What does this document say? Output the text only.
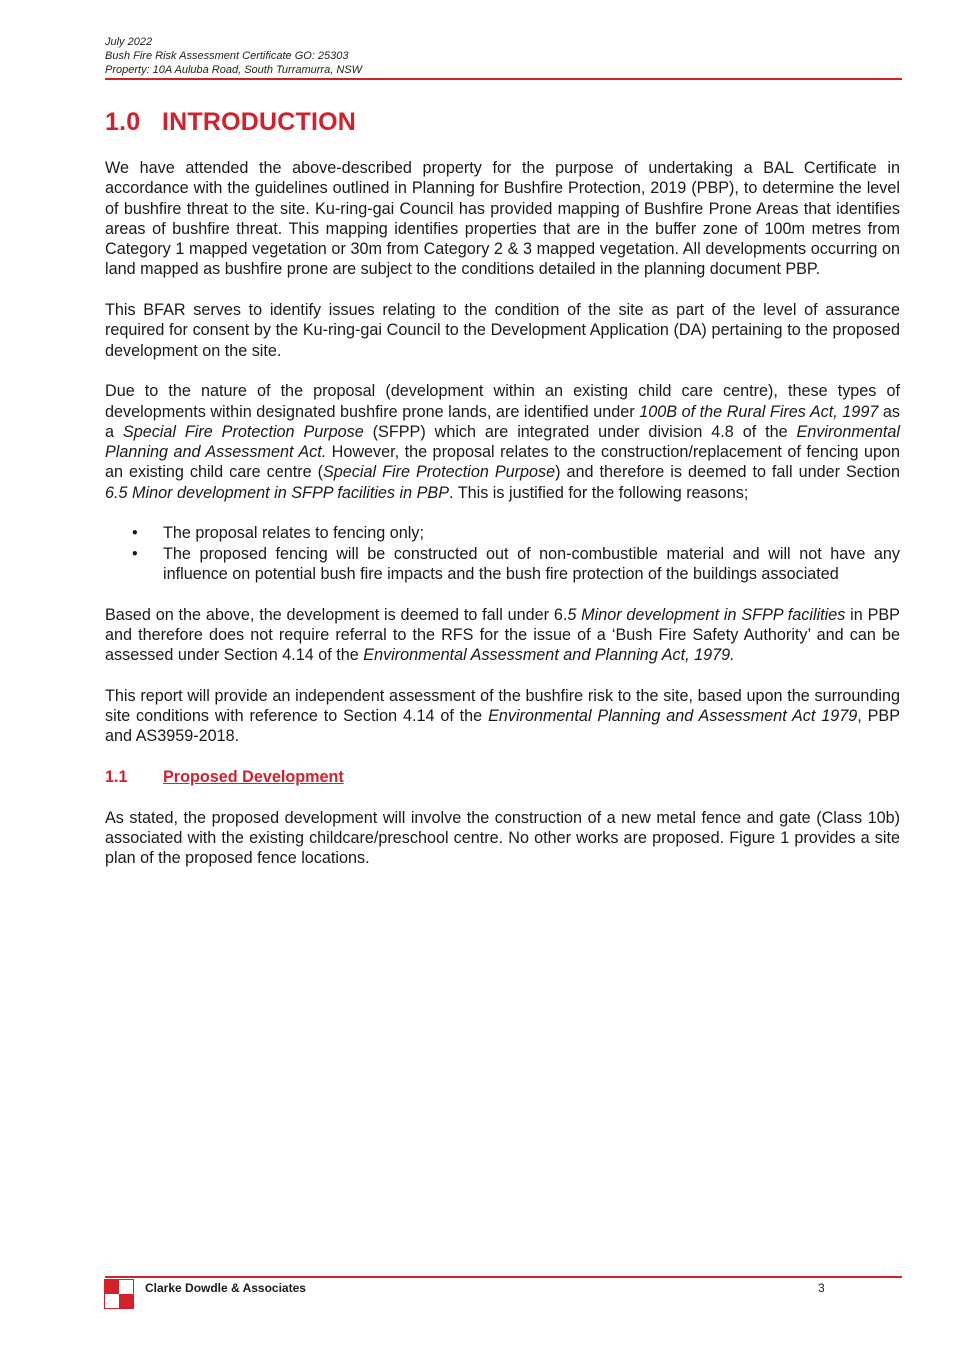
July 2022
Bush Fire Risk Assessment Certificate GO: 25303
Property: 10A Auluba Road, South Turramurra, NSW
1.0 INTRODUCTION

We have attended the above-described property for the purpose of undertaking a BAL Certificate in accordance with the guidelines outlined in Planning for Bushfire Protection, 2019 (PBP), to determine the level of bushfire threat to the site. Ku-ring-gai Council has provided mapping of Bushfire Prone Areas that identifies areas of bushfire threat. This mapping identifies properties that are in the buffer zone of 100m metres from Category 1 mapped vegetation or 30m from Category 2 & 3 mapped vegetation. All developments occurring on land mapped as bushfire prone are subject to the conditions detailed in the planning document PBP.

This BFAR serves to identify issues relating to the condition of the site as part of the level of assurance required for consent by the Ku-ring-gai Council to the Development Application (DA) pertaining to the proposed development on the site.

Due to the nature of the proposal (development within an existing child care centre), these types of developments within designated bushfire prone lands, are identified under 100B of the Rural Fires Act, 1997 as a Special Fire Protection Purpose (SFPP) which are integrated under division 4.8 of the Environmental Planning and Assessment Act. However, the proposal relates to the construction/replacement of fencing upon an existing child care centre (Special Fire Protection Purpose) and therefore is deemed to fall under Section 6.5 Minor development in SFPP facilities in PBP. This is justified for the following reasons;

• The proposal relates to fencing only;
• The proposed fencing will be constructed out of non-combustible material and will not have any influence on potential bush fire impacts and the bush fire protection of the buildings associated

Based on the above, the development is deemed to fall under 6.5 Minor development in SFPP facilities in PBP and therefore does not require referral to the RFS for the issue of a ‘Bush Fire Safety Authority’ and can be assessed under Section 4.14 of the Environmental Assessment and Planning Act, 1979.

This report will provide an independent assessment of the bushfire risk to the site, based upon the surrounding site conditions with reference to Section 4.14 of the Environmental Planning and Assessment Act 1979, PBP and AS3959-2018.

1.1 Proposed Development

As stated, the proposed development will involve the construction of a new metal fence and gate (Class 10b) associated with the existing childcare/preschool centre. No other works are proposed. Figure 1 provides a site plan of the proposed fence locations.

Clarke Dowdle & Associates	3
